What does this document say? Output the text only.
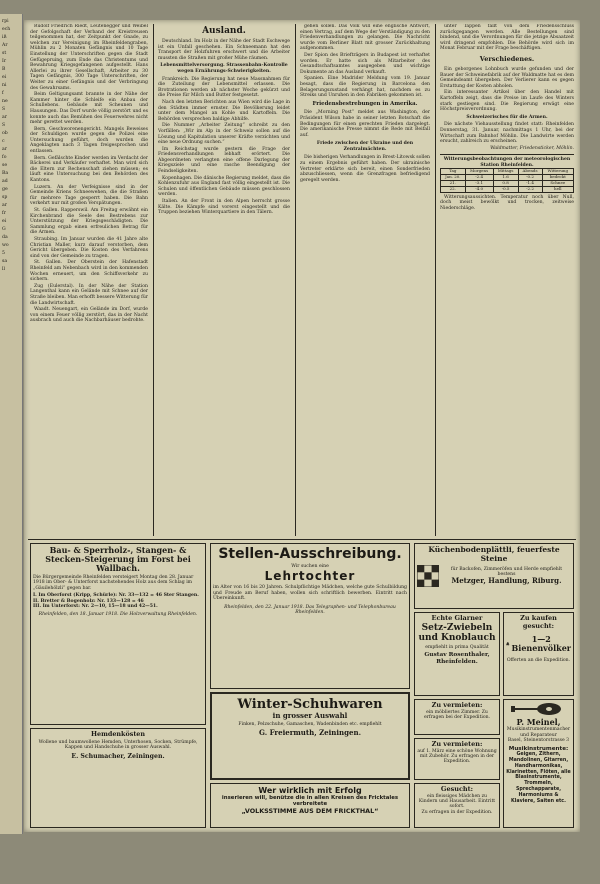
rpi
ech
iß
Ar
st
Ir
B
ei
ni
f
ne
S
ar
S
ob
c
ar
fo
se
Ba
ad
ge
sp
ar
fr
ei
G
da
wo
5
sa
ll

Rudolf Friedrich Riedt, Leutenegger und Weibel der Gefolgschaft der Verband der Kreistreusen teilgenommen hat, der Zeitpunkt der Gnade, zu welchen zur Vereinigung im Rheinfeldengraben, Mühlin zu 2 Monaten Gefängnis und 10 Tage Einstellung der Unterschriften gegen die Stadt Gefügepruing, zum Ende das Christentums und Bewahrung Kriegsgefangenen aufgestellt. Hans Allerlei zu ihrer Gesellschaft, Arbeiter zu 30 Tagen Gefängnis, 300 Tage Unterschriften, der Weiter zu einer Gefängnis und der Verbringung des Gewahrsams.

Beim Geltigungsamt brannte in der Nähe der Kammer hinter die Schleife ein Anbau der Schullebens. Gebäude mit Scheunen und Hausungen. Das Dorf wurde völlig zerstört und es konnte auch das Bemühen des Feuerwehres nicht mehr gerettet werden.

Bern, Geschworenengericht. Mangels Beweises der Schuldigen wurde gegen die Polizei eine Untersuchung geführt, doch wurden die Angeklagten nach 3 Tagen freigesprochen und entlassen.

Bern. Gefälschte Kinder werden im Verdacht der Bäckerei und Verkäufer verhaftet. Man wird sich die Eltern zur Rechenschaft ziehen müssen; es läuft eine Untersuchung bei den Behörden des Kantons.

Luzern. An der Verfeignisse sind in der Gemeinde Kriens Schneewehen, die die Straßen für mehrere Tage gesperrt haben. Die Bahn verkehrt nur mit großen Verspätungen.

St. Gallen. Rapperswil. Am Freitag erwähnt ein Kirchenbrand die Seele des Bestrebens zur Unterstützung der Kriegsgeschädigten. Die Sammlung ergab einen erfreulichen Betrag für die Armen.

Straubing. Im Januar wurden die 41 Jahre alte Christian Maller, kurz darauf verstorben, dem Gericht übergeben. Die Kosten des Verfahrens sind von der Gemeinde zu tragen.

St. Gallen. Der Oberstein der Hafenstadt Rheinfeld am Nebenbach wird in den kommenden Wochen erneuert, um den Schiffsverkehr zu sichern.

Zug (Eulerstal). In der Nähe der Station Langenthal kann ein Gelände mit Schnee auf der Straße bleiben. Man erhofft bessere Witterung für die Landwirtschaft.

Waadt. Neuengart, ein Gelände im Dorf, wurde von einem Feuer völlig zerstört, das in der Nacht ausbrach und auch die Nachbarhäuser bedrohte.

Ausland.

Deutschland. Im Holz in der Nähe der Stadt Eschwege ist ein Unfall geschehen. Ein Schneemann hat den Transport der Holzfuhren erschwert und die Arbeiter mussten die Straßen mit großer Mühe räumen.

Lebensmittelversorgung. Strassenbahn-Kontrolle wegen Ernährungs-Schwierigkeiten.

Frankreich. Die Regierung hat neue Massnahmen für die Zuteilung der Lebensmittel erlassen. Die Brotrationen werden ab nächster Woche gekürzt und die Preise für Milch und Butter festgesetzt.

Nach den letzten Berichten aus Wien wird die Lage in den Städten immer ernster. Die Bevölkerung leidet unter dem Mangel an Kohle und Kartoffeln. Die Behörden versprechen baldige Abhilfe.

Die Nummer „Arbeiter Zeitung“ schreibt zu den Vorfällen: „Wir im Alp in der Schweiz sollen auf die Lösung und Kapitulation unserer Kräfte verzichten und eine neue Ordnung suchen.“

Im Reichstag wurde gestern die Frage der Friedensverhandlungen lebhaft erörtert. Die Abgeordneten verlangten eine offene Darlegung der Kriegsziele und eine rasche Beendigung der Feindseligkeiten.

Kopenhagen. Die dänische Regierung meldet, dass die Kohlenzufuhr aus England fast völlig eingestellt ist. Die Schulen und öffentlichen Gebäude müssen geschlossen werden.

Italien. An der Front in den Alpen herrscht grosse Kälte. Die Kämpfe sind vorerst eingestellt und die Truppen beziehen Winterquartiere in den Tälern.

gehen sollen. Das Volk will eine englische Antwort, einen Vertrag, auf dem Wege der Verständigung zu den Friedenverhandlungen zu gelangen. Die Nachricht wurde vom Berliner Blatt mit grosser Zurückhaltung aufgenommen.

Der Spion des Briefträgers in Budapest ist verhaftet worden. Er hatte sich als Mitarbeiter des Gesandtschaftsamtes ausgegeben und wichtige Dokumente an das Ausland verkauft.

Spanien. Eine Madrider Meldung vom 19. Januar besagt, dass die Regierung in Barcelona den Belagerungszustand verhängt hat, nachdem es zu Streiks und Unruhen in den Fabriken gekommen ist.

Friedensbestrebungen in Amerika.

Die „Morning Post“ meldet aus Washington, der Präsident Wilson habe in seiner letzten Botschaft die Bedingungen für einen gerechten Frieden dargelegt. Die amerikanische Presse nimmt die Rede mit Beifall auf.

Friede zwischen der Ukraine und den Zentralmächten.

Die bisherigen Verhandlungen in Brest-Litowsk sollen zu einem Ergebnis geführt haben. Der ukrainische Vertreter erklärte sich bereit, einen Sonderfrieden abzuschliessen, wenn die Grenzfragen befriedigend geregelt werden.

unter Tappen fällt von dem Friedensschluss zurückgegangen werden. Alle Bestellungen sind bindend, und die Verordnungen für die jetzige Absaatzeit wird dringend empfohlen. Die Behörde wird sich im Monat Februar mit der Frage beschäftigen.

Verschiedenes.

Ein geborgenes Lohnbuch wurde gefunden und der Bauer der Schweinefabrik auf der Waldmatte hat es dem Gemeindeamt übergeben. Der Verlierer kann es gegen Erstattung der Kosten abholen.

Ein interessanter Artikel über den Handel mit Kartoffeln zeigt, dass die Preise im Laufe des Winters stark gestiegen sind. Die Regierung erwägt eine Höchstpreisverordnung.

Schweizerisches für die Armen.

Die nächste Viehausstellung findet statt: Rheinfelden Donnerstag, 31. Januar, nachmittags 1 Uhr, bei der Wirtschaft zum Bahnhof Möhlin. Die Landwirte werden ersucht, zahlreich zu erscheinen.

Waldmatter, Friedensticker, Möhlin.
Witterungsbeobachtungen der meteorologischen Station Rheinfelden.
Tag	Morgens	Mittags	Abends	Witterung
Jan. 20.	-2.4	1.6	-0.2	bedeckt
21.	-3.1	0.8	-1.4	Schnee
22.	-4.0	-0.5	-2.2	hell

Witterungsaussichten. Temperatur noch über Null, doch meist bewölkt und trocken, zeitweise Niederschläge.

Bau- & Sperrholz-, Stangen- & Stecken-Steigerung im Forst bei Wallbach.
Die Bürgergemeinde Rheinfelden versteigert Montag den 28. Januar 1918 im Ober- & Unterforst nachstehendes Holz aus dem Schlag im „Gäuilehölzli“ gegen bar.
I. Im Oberforst (Kripp, Schürle): Nr. 33—132 = 46 Ster Stangen.
II. Bretter & Bogenholz: Nr. 133—128 = 46
III. Im Unterforst: Nr. 2—10, 15—18 und 42—51.
Rheinfelden, den 18. Januar 1918. Die Holzverwaltung Rheinfelden.
Hemdenkösten
Wollene und baumwollene Hemden, Unterhosen, Socken, Strümpfe, Kappen und Handschuhe in grosser Auswahl.
E. Schumacher, Zeiningen.
Stellen-Ausschreibung.
Wir suchen eine
Lehrtochter
im Alter von 16 bis 20 Jahren. Schulpflichtige Mädchen, welche gute Schulbildung und Freude am Beruf haben, wollen sich schriftlich bewerben. Eintritt nach Übereinkunft.
Rheinfelden, den 22. Januar 1918. Das Telegraphen- und Telephonbureau Rheinfelden.
Winter-Schuhwaren
in grosser Auswahl
Finken, Pelzschuhe, Gamaschen, Wadenbinden etc. empfiehlt
G. Freiermuth, Zeiningen.
Wer wirklich mit Erfolg
inserieren will, benütze die in allen Kreisen des Fricktales verbreitete
„VOLKSSTIMME AUS DEM FRICKTHAL“
Küchenbodenplättli, feuerfeste Steine
für Backofen, Zimmeröfen und Herde empfiehlt bestens
Metzger, Handlung, Riburg.
Echte Glarner
Setz-Zwiebeln und Knoblauch
empfiehlt in prima Qualität
Gustav Rosenthaler, Rheinfelden.
Zu kaufen gesucht:
1—2 Bienenvölker
Offerten an die Expedition.
Zu vermieten:
ein möbliertes Zimmer. Zu erfragen bei der Expedition.
Zu vermieten:
auf 1. März eine schöne Wohnung mit Zubehör. Zu erfragen in der Expedition.
Gesucht:
ein fleissiges Mädchen zu Kindern und Hausarbeit. Eintritt sofort.
Zu erfragen in der Expedition.
P. Meinel,
Musikinstrumentenmacher und Reparateur
Basel, Steinentorstrasse 3
Musikinstrumente:
Geigen, Zithern, Mandolinen, Gitarren, Handharmonikas, Klarinetten, Flöten, alle Blasinstrumente, Trommeln, Sprechapparate, Harmoniums & Klaviere, Saiten etc.
